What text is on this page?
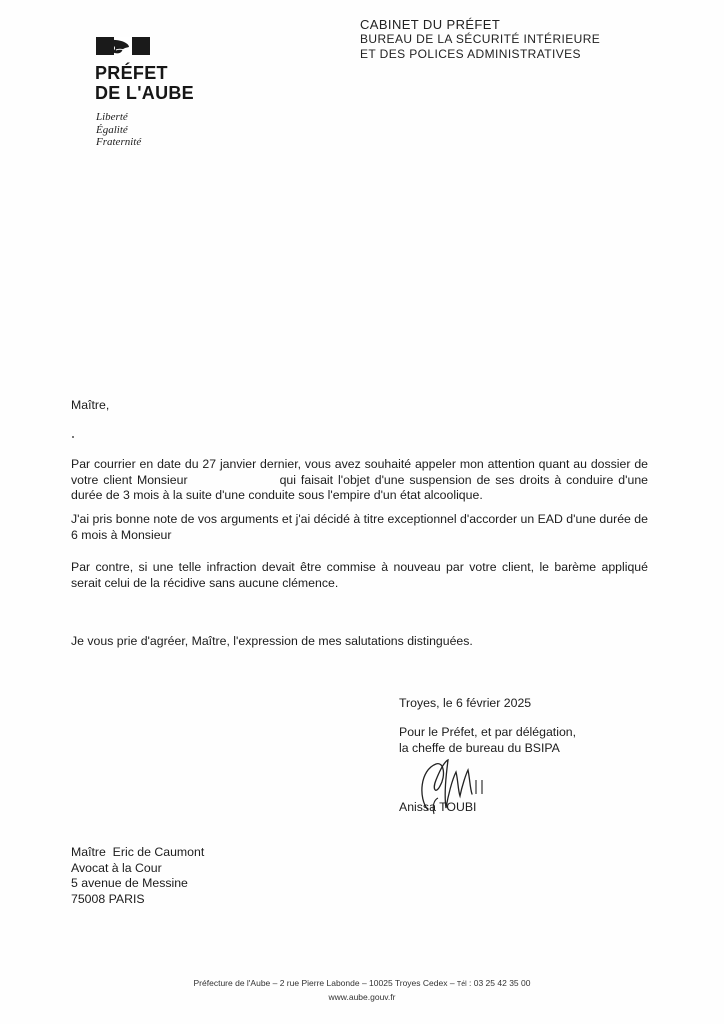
PRÉFET
DE L'AUBE
Liberté
Égalité
Fraternité
CABINET DU PRÉFET
BUREAU DE LA SÉCURITÉ INTÉRIEURE
ET DES POLICES ADMINISTRATIVES
Maître,
Par courrier en date du 27 janvier dernier, vous avez souhaité appeler mon attention quant au dossier de votre client Monsieur	qui faisait l'objet d'une suspension de ses droits à conduire d'une durée de 3 mois à la suite d'une conduite sous l'empire d'un état alcoolique.
J'ai pris bonne note de vos arguments et j'ai décidé à titre exceptionnel d'accorder un EAD d'une durée de 6 mois à Monsieur
Par contre, si une telle infraction devait être commise à nouveau par votre client, le barème appliqué serait celui de la récidive sans aucune clémence.
Je vous prie d'agréer, Maître, l'expression de mes salutations distinguées.
Troyes, le 6 février 2025
Pour le Préfet, et par délégation,
la cheffe de bureau du BSIPA
Anissa TOUBI
Maître  Eric de Caumont
Avocat à la Cour
5 avenue de Messine
75008 PARIS
Préfecture de l'Aube – 2 rue Pierre Labonde – 10025 Troyes Cedex – Tél : 03 25 42 35 00
www.aube.gouv.fr
